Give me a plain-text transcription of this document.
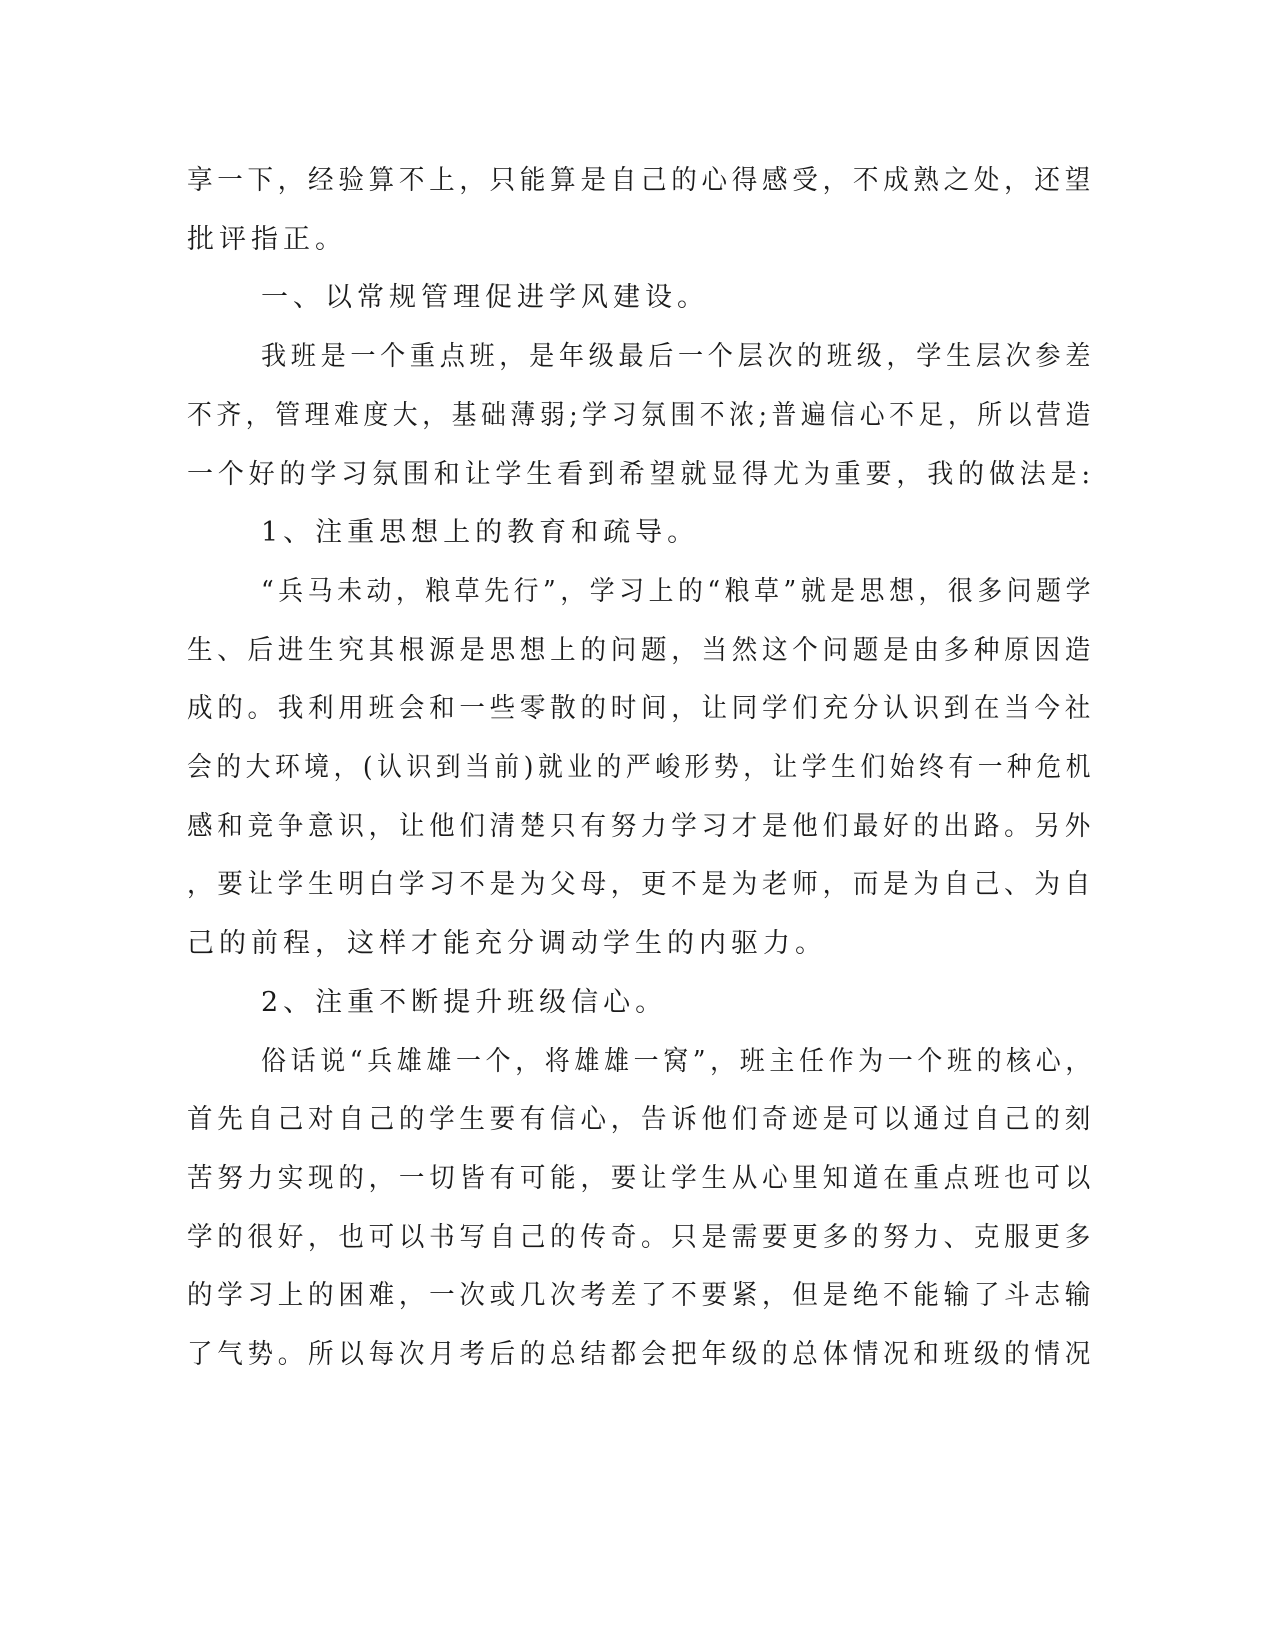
享一下，经验算不上，只能算是自己的心得感受，不成熟之处，还望
批评指正。
一、以常规管理促进学风建设。
我班是一个重点班，是年级最后一个层次的班级，学生层次参差
不齐，管理难度大，基础薄弱;学习氛围不浓;普遍信心不足，所以营造
一个好的学习氛围和让学生看到希望就显得尤为重要，我的做法是:
1、注重思想上的教育和疏导。
“兵马未动，粮草先行”，学习上的“粮草”就是思想，很多问题学
生、后进生究其根源是思想上的问题，当然这个问题是由多种原因造
成的。我利用班会和一些零散的时间，让同学们充分认识到在当今社
会的大环境，(认识到当前)就业的严峻形势，让学生们始终有一种危机
感和竞争意识，让他们清楚只有努力学习才是他们最好的出路。另外
，要让学生明白学习不是为父母，更不是为老师，而是为自己、为自
己的前程，这样才能充分调动学生的内驱力。
2、注重不断提升班级信心。
俗话说“兵雄雄一个，将雄雄一窝”，班主任作为一个班的核心，
首先自己对自己的学生要有信心，告诉他们奇迹是可以通过自己的刻
苦努力实现的，一切皆有可能，要让学生从心里知道在重点班也可以
学的很好，也可以书写自己的传奇。只是需要更多的努力、克服更多
的学习上的困难，一次或几次考差了不要紧，但是绝不能输了斗志输
了气势。所以每次月考后的总结都会把年级的总体情况和班级的情况
